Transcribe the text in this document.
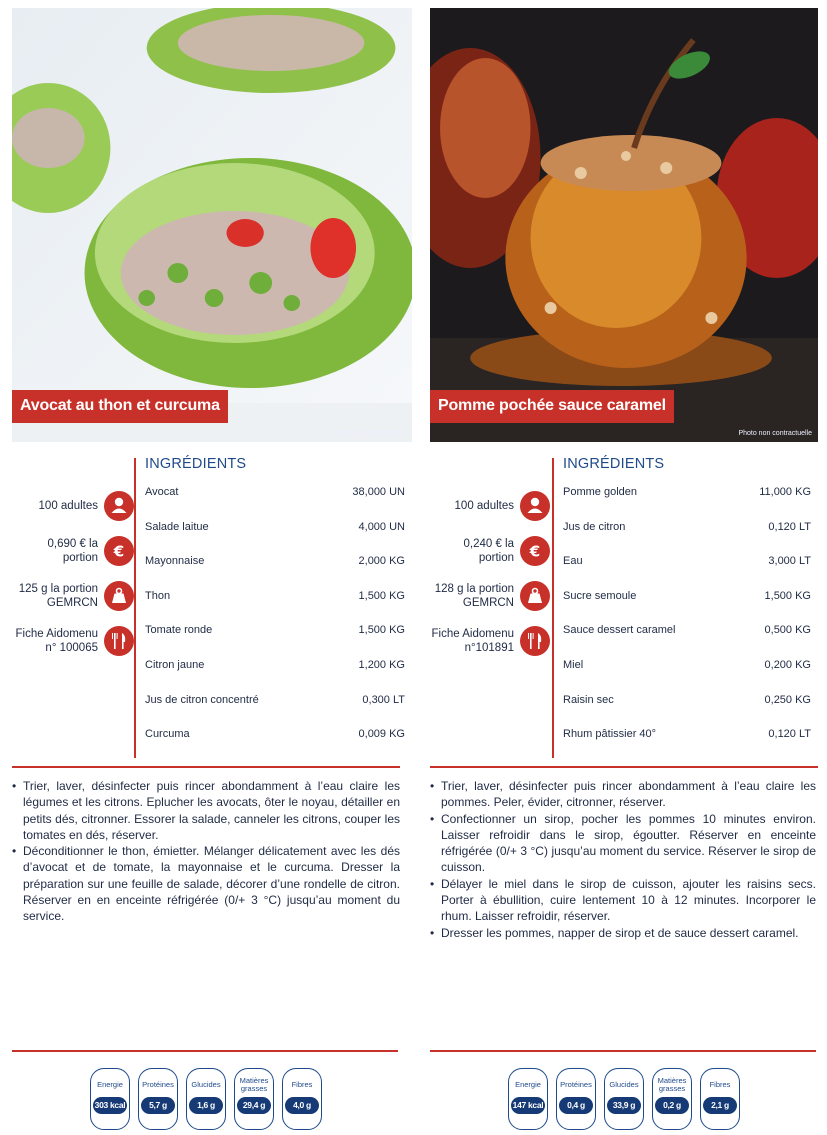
Avocat au thon et curcuma
Photo non contractuelle
100 adultes
0,690 € la
portion €
125 g la portion
GEMRCN
Fiche Aidomenu
n° 100065
INGRÉDIENTS
Avocat	38,000 UN
Salade laitue	4,000 UN
Mayonnaise	2,000 KG
Thon	1,500 KG
Tomate ronde	1,500 KG
Citron jaune	1,200 KG
Jus de citron concentré	0,300 LT
Curcuma	0,009 KG
• Trier, laver, désinfecter puis rincer abondamment à l’eau claire les légumes et les citrons. Eplucher les avocats, ôter le noyau, détailler en petits dés, citronner. Essorer la salade, canneler les citrons, couper les tomates en dés, réserver.
• Déconditionner le thon, émietter. Mélanger délicatement avec les dés d’avocat et de tomate, la mayonnaise et le curcuma. Dresser la préparation sur une feuille de salade, décorer d’une rondelle de citron. Réserver en en enceinte réfrigérée (0/+ 3 °C) jusqu’au moment du service.
Energie
303 kcal
Protéines
5,7 g
Glucides
1,6 g
Matières
grasses
29,4 g
Fibres
4,0 g
Pomme pochée sauce caramel
Photo non contractuelle
100 adultes
0,240 € la
portion €
128 g la portion
GEMRCN
Fiche Aidomenu
n°101891
INGRÉDIENTS
Pomme golden	11,000 KG
Jus de citron	0,120 LT
Eau	3,000 LT
Sucre semoule	1,500 KG
Sauce dessert caramel	0,500 KG
Miel	0,200 KG
Raisin sec	0,250 KG
Rhum pâtissier 40°	0,120 LT
• Trier, laver, désinfecter puis rincer abondamment à l’eau claire les pommes. Peler, évider, citronner, réserver.
• Confectionner un sirop, pocher les pommes 10 minutes environ. Laisser refroidir dans le sirop, égoutter. Réserver en enceinte réfrigérée (0/+ 3 °C) jusqu’au moment du service. Réserver le sirop de cuisson.
• Délayer le miel dans le sirop de cuisson, ajouter les raisins secs. Porter à ébullition, cuire lentement 10 à 12 minutes. Incorporer le rhum. Laisser refroidir, réserver.
• Dresser les pommes, napper de sirop et de sauce dessert caramel.
Energie
147 kcal
Protéines
0,4 g
Glucides
33,9 g
Matières
grasses
0,2 g
Fibres
2,1 g
